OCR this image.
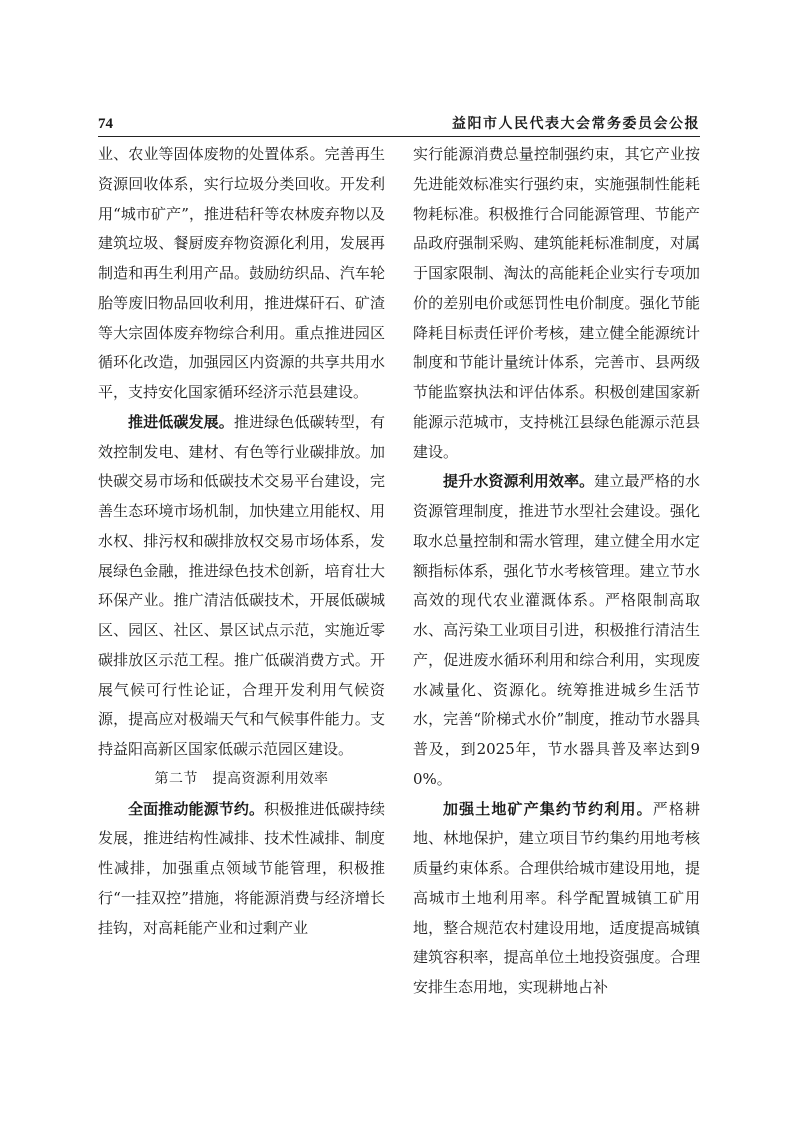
74	益阳市人民代表大会常务委员会公报

业、农业等固体废物的处置体系。完善再生资源回收体系，实行垃圾分类回收。开发利用“城市矿产”，推进秸秆等农林废弃物以及建筑垃圾、餐厨废弃物资源化利用，发展再制造和再生利用产品。鼓励纺织品、汽车轮胎等废旧物品回收利用，推进煤矸石、矿渣等大宗固体废弃物综合利用。重点推进园区循环化改造，加强园区内资源的共享共用水平，支持安化国家循环经济示范县建设。

推进低碳发展。推进绿色低碳转型，有效控制发电、建材、有色等行业碳排放。加快碳交易市场和低碳技术交易平台建设，完善生态环境市场机制，加快建立用能权、用水权、排污权和碳排放权交易市场体系，发展绿色金融，推进绿色技术创新，培育壮大环保产业。推广清洁低碳技术，开展低碳城区、园区、社区、景区试点示范，实施近零碳排放区示范工程。推广低碳消费方式。开展气候可行性论证，合理开发利用气候资源，提高应对极端天气和气候事件能力。支持益阳高新区国家低碳示范园区建设。

第二节　提高资源利用效率

全面推动能源节约。积极推进低碳持续发展，推进结构性减排、技术性减排、制度性减排，加强重点领域节能管理，积极推行“一挂双控”措施，将能源消费与经济增长挂钩，对高耗能产业和过剩产业

实行能源消费总量控制强约束，其它产业按先进能效标准实行强约束，实施强制性能耗物耗标准。积极推行合同能源管理、节能产品政府强制采购、建筑能耗标准制度，对属于国家限制、淘汰的高能耗企业实行专项加价的差别电价或惩罚性电价制度。强化节能降耗目标责任评价考核，建立健全能源统计制度和节能计量统计体系，完善市、县两级节能监察执法和评估体系。积极创建国家新能源示范城市，支持桃江县绿色能源示范县建设。

提升水资源利用效率。建立最严格的水资源管理制度，推进节水型社会建设。强化取水总量控制和需水管理，建立健全用水定额指标体系，强化节水考核管理。建立节水高效的现代农业灌溉体系。严格限制高取水、高污染工业项目引进，积极推行清洁生产，促进废水循环利用和综合利用，实现废水减量化、资源化。统筹推进城乡生活节水，完善“阶梯式水价”制度，推动节水器具普及，到2025年，节水器具普及率达到90%。

加强土地矿产集约节约利用。严格耕地、林地保护，建立项目节约集约用地考核质量约束体系。合理供给城市建设用地，提高城市土地利用率。科学配置城镇工矿用地，整合规范农村建设用地，适度提高城镇建筑容积率，提高单位土地投资强度。合理安排生态用地，实现耕地占补
